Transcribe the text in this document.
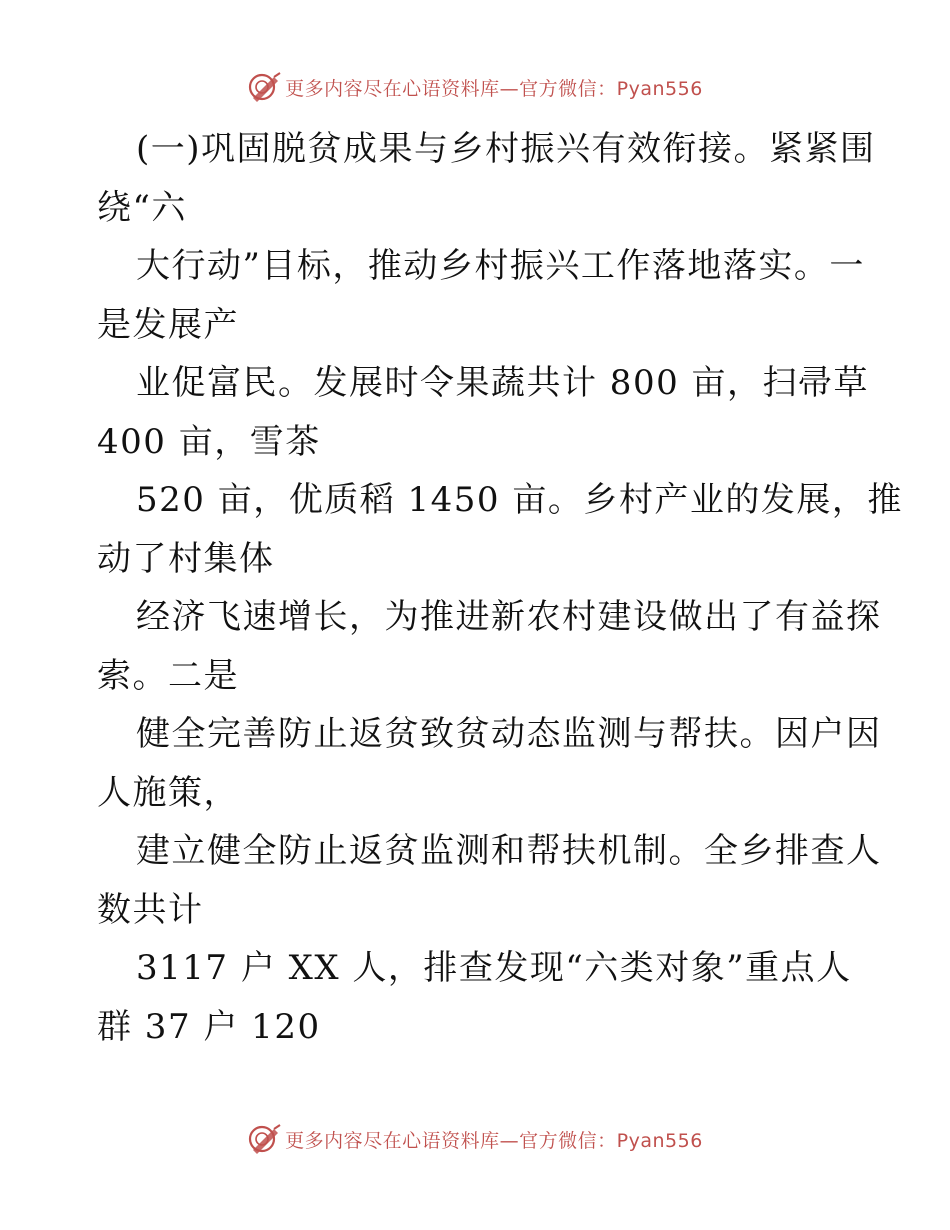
更多内容尽在心语资料库—官方微信：Pyan556
(一)巩固脱贫成果与乡村振兴有效衔接。紧紧围
绕“六
大行动”目标，推动乡村振兴工作落地落实。一
是发展产
业促富民。发展时令果蔬共计 800 亩，扫帚草
400 亩，雪茶
520 亩，优质稻 1450 亩。乡村产业的发展，推
动了村集体
经济飞速增长，为推进新农村建设做出了有益探
索。二是
健全完善防止返贫致贫动态监测与帮扶。因户因
人施策，
建立健全防止返贫监测和帮扶机制。全乡排查人
数共计
3117 户 XX 人，排查发现“六类对象”重点人
群 37 户 120
更多内容尽在心语资料库—官方微信：Pyan556
